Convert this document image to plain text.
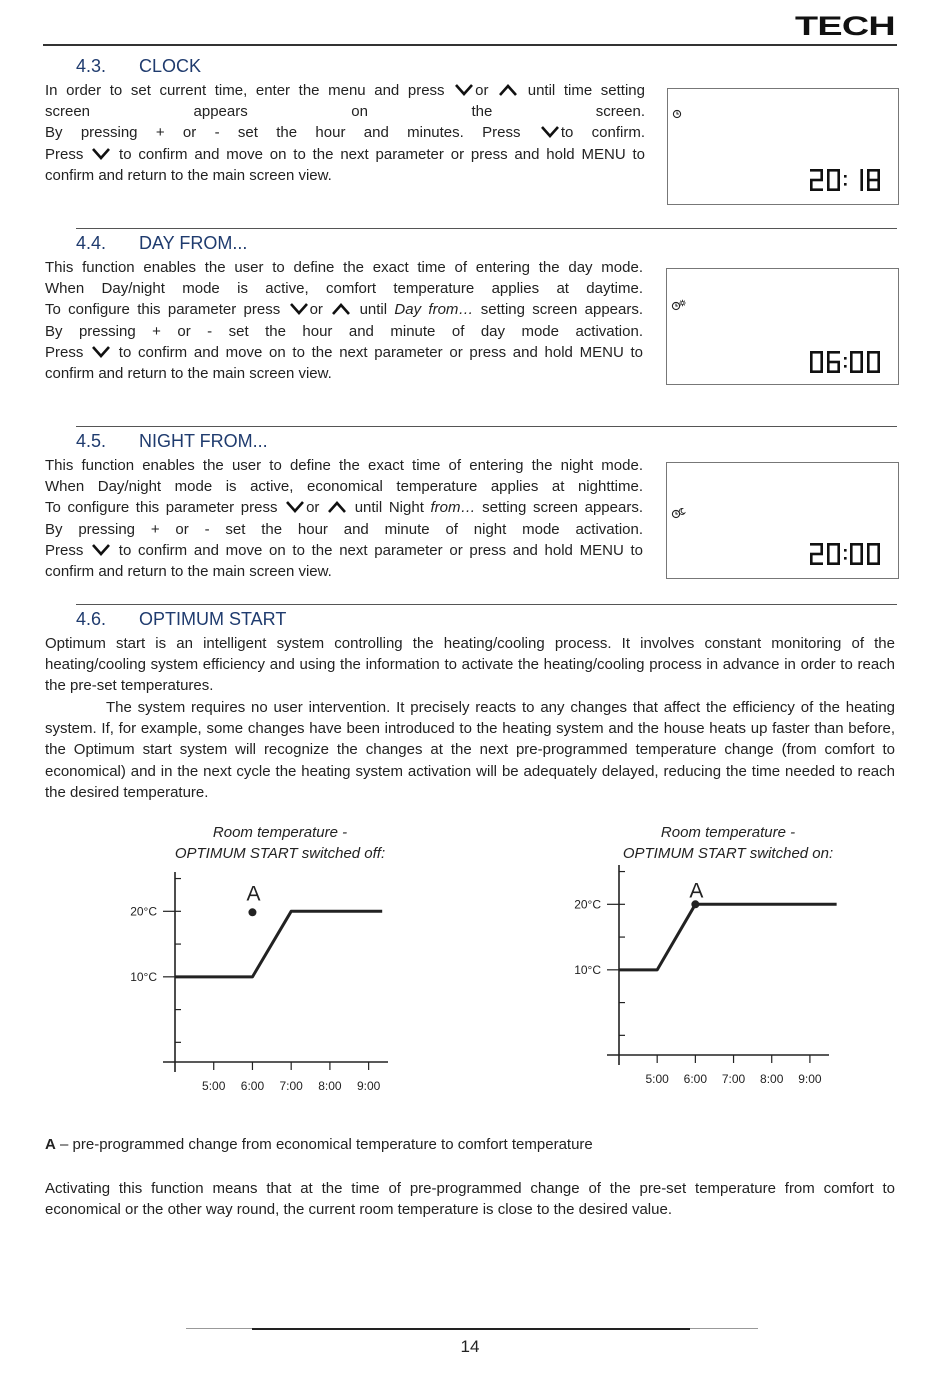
TECH
4.3. CLOCK
In order to set current time, enter the menu and press or  until time setting
screen appears on the screen.
By pressing + or - set the hour and minutes. Press to confirm.
Press  to confirm and move on to the next parameter or press and hold MENU to
confirm and return to the main screen view.
4.4. DAY FROM...
This function enables the user to define the exact time of entering the day mode.
When Day/night mode is active, comfort temperature applies at daytime.
To configure this parameter press or  until Day from… setting screen appears.
By pressing + or - set the hour and minute of day mode activation.
Press  to confirm and move on to the next parameter or press and hold MENU to
confirm and return to the main screen view.
4.5. NIGHT FROM...
This function enables the user to define the exact time of entering the night mode.
When Day/night mode is active, economical temperature applies at nighttime.
To configure this parameter press or  until Night from… setting screen appears.
By pressing + or - set the hour and minute of night mode activation.
Press  to confirm and move on to the next parameter or press and hold MENU to
confirm and return to the main screen view.
4.6. OPTIMUM START

Optimum start is an intelligent system controlling the heating/cooling process. It involves constant monitoring of the heating/cooling system efficiency and using the information to activate the heating/cooling process in advance in order to reach the pre-set temperatures.

The system requires no user intervention. It precisely reacts to any changes that affect the efficiency of the heating system. If, for example, some changes have been introduced to the heating system and the house heats up faster than before, the Optimum start system will recognize the changes at the next pre-programmed temperature change (from comfort to economical) and in the next cycle the heating system activation will be adequately delayed, reducing the time needed to reach the desired temperature.

Room temperature -
OPTIMUM START switched off:
Room temperature -
OPTIMUM START switched on:
10°C
20°C
5:00 6:00 7:00 8:00 9:00
A
10°C
20°C
5:00 6:00 7:00 8:00 9:00
A
A – pre-programmed change from economical temperature to comfort temperature

Activating this function means that at the time of pre-programmed change of the pre-set temperature from comfort to economical or the other way round, the current room temperature is close to the desired value.

14
